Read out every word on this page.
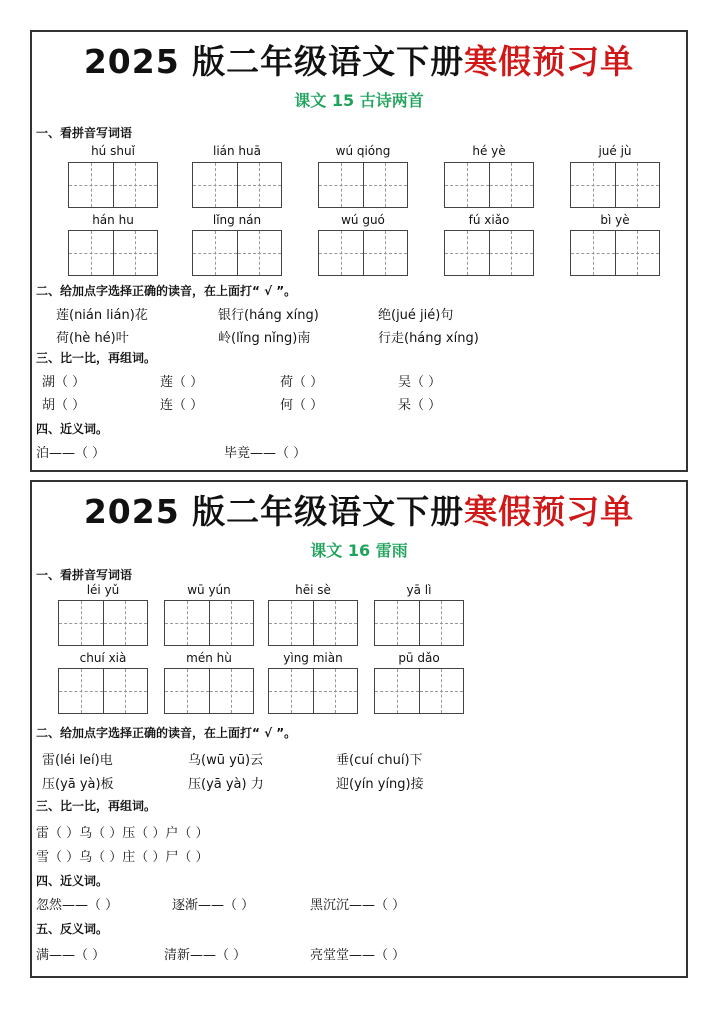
2025 版二年级语文下册寒假预习单
课文 15 古诗两首
一、看拼音写词语
hú shuǐ	lián huā	wú qióng	hé yè	jué jù
hán hu	lǐng nán	wú guó	fú xiǎo	bì yè
二、给加点字选择正确的读音，在上面打“ √ ”。
莲(nián lián)花	银行(háng xíng)	绝(jué jié)句
荷(hè hé)叶	岭(lǐng nǐng)南	行走(háng xíng)
三、比一比，再组词。
湖（ ）	莲（ ）	荷（ ）	吴（ ）
胡（ ）	连（ ）	何（ ）	呆（ ）
四、近义词。
泊——（ ）	毕竟——（ ）
2025 版二年级语文下册寒假预习单
课文 16 雷雨
一、看拼音写词语
léi yǔ	wū yún	hēi sè	yā lì
chuí xià	mén hù	yìng miàn	pū dǎo
二、给加点字选择正确的读音，在上面打“ √ ”。
雷(léi leí)电	乌(wū yū)云	垂(cuí chuí)下
压(yā yà)板	压(yā yà) 力	迎(yín yíng)接
三、比一比，再组词。
雷（ ）乌（ ）压（ ）户（ ）
雪（ ）乌（ ）庄（ ）尸（ ）
四、近义词。
忽然——（ ）	逐渐——（ ）	黑沉沉——（ ）
五、反义词。
满——（ ）	清新——（ ）	亮堂堂——（ ）
